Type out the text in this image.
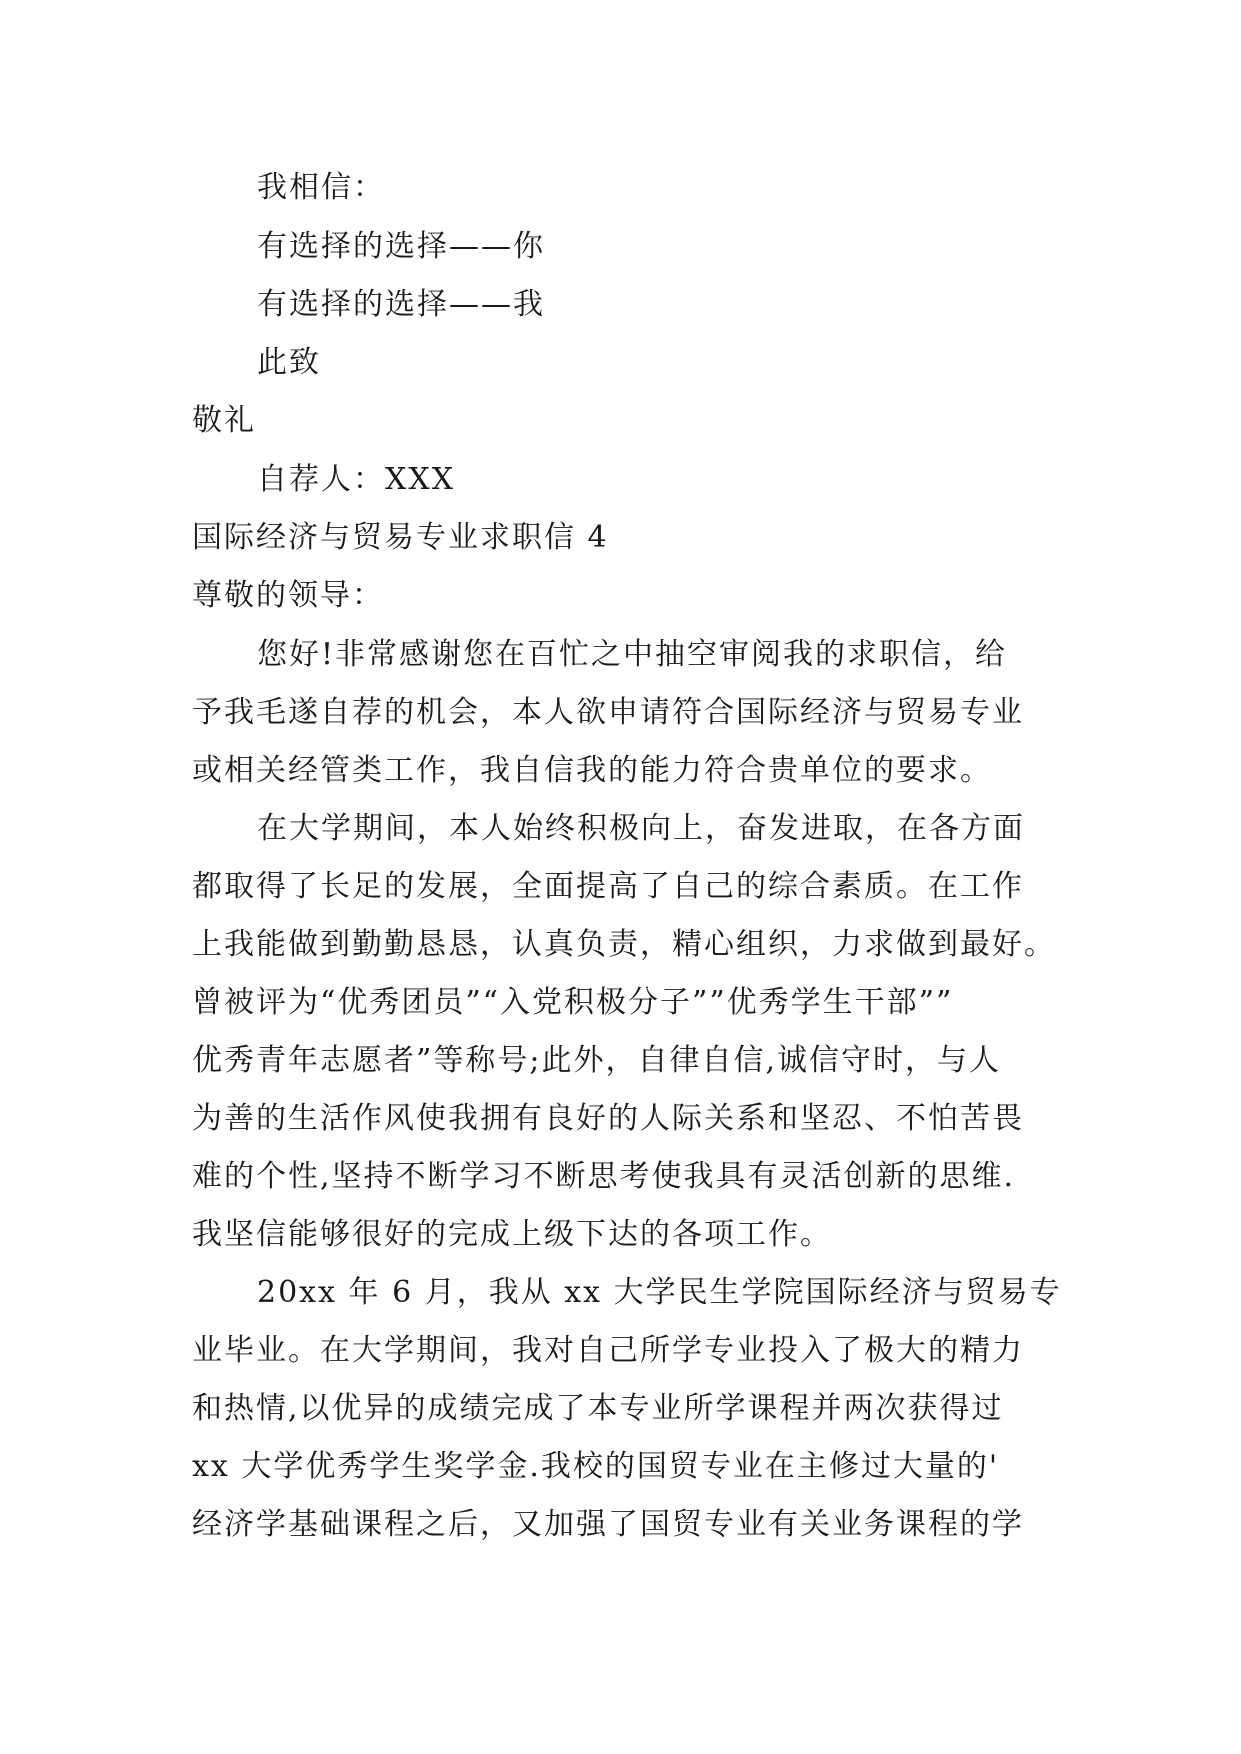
我相信：
有选择的选择——你
有选择的选择——我
此致
敬礼
自荐人：XXX
国际经济与贸易专业求职信 4
尊敬的领导：
您好!非常感谢您在百忙之中抽空审阅我的求职信，给
予我毛遂自荐的机会，本人欲申请符合国际经济与贸易专业
或相关经管类工作，我自信我的能力符合贵单位的要求。
在大学期间，本人始终积极向上，奋发进取，在各方面
都取得了长足的发展，全面提高了自己的综合素质。在工作
上我能做到勤勤恳恳，认真负责，精心组织，力求做到最好。
曾被评为“优秀团员”“入党积极分子””优秀学生干部””
优秀青年志愿者”等称号;此外，自律自信,诚信守时，与人
为善的生活作风使我拥有良好的人际关系和坚忍、不怕苦畏
难的个性,坚持不断学习不断思考使我具有灵活创新的思维.
我坚信能够很好的完成上级下达的各项工作。
20xx 年 6 月，我从 xx 大学民生学院国际经济与贸易专
业毕业。在大学期间，我对自己所学专业投入了极大的精力
和热情,以优异的成绩完成了本专业所学课程并两次获得过
xx 大学优秀学生奖学金.我校的国贸专业在主修过大量的'
经济学基础课程之后，又加强了国贸专业有关业务课程的学
